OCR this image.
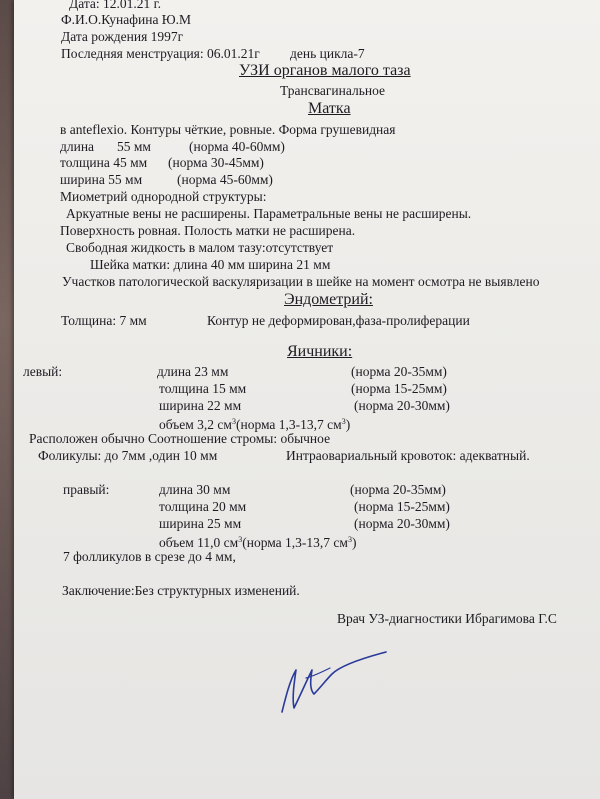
Дата: 12.01.21 г.
Ф.И.О.Кунафина Ю.М
Дата рождения 1997г
Последняя менструация: 06.01.21г день цикла-7
УЗИ органов малого таза
Трансвагинальное
Матка
в anteflexio. Контуры чёткие, ровные. Форма грушевидная
длина 55 мм	(норма 40-60мм)
толщина 45 мм (норма 30-45мм)
ширина 55 мм	(норма 45-60мм)
Миометрий однородной структуры:
Аркуатные вены не расширены. Параметральные вены не расширены.
Поверхность ровная. Полость матки не расширена.
Свободная жидкость в малом тазу:отсутствует
Шейка матки: длина 40 мм ширина 21 мм
Участков патологической васкуляризации в шейке на момент осмотра не выявлено
Эндометрий:
Толщина: 7 мм	Контур не деформирован,фаза-пролиферации
Яичники:
левый:	длина 23 мм	(норма 20-35мм)
толщина 15 мм	(норма 15-25мм)
ширина 22 мм	(норма 20-30мм)
объем 3,2 $см^3(норма$ 1,3-13,7 $см^3$)
Расположен обычно Соотношение стромы: обычное
Фоликулы: до 7мм ,один 10 мм	Интраовариальный кровоток: адекватный.
правый:	длина 30 мм	(норма 20-35мм)
толщина 20 мм	(норма 15-25мм)
ширина 25 мм	(норма 20-30мм)
объем 11,0 $см^3(норма$ 1,3-13,7 $см^3$)
7 фолликулов в срезе до 4 мм,
Заключение:Без структурных изменений.
Врач УЗ-диагностики Ибрагимова Г.С
